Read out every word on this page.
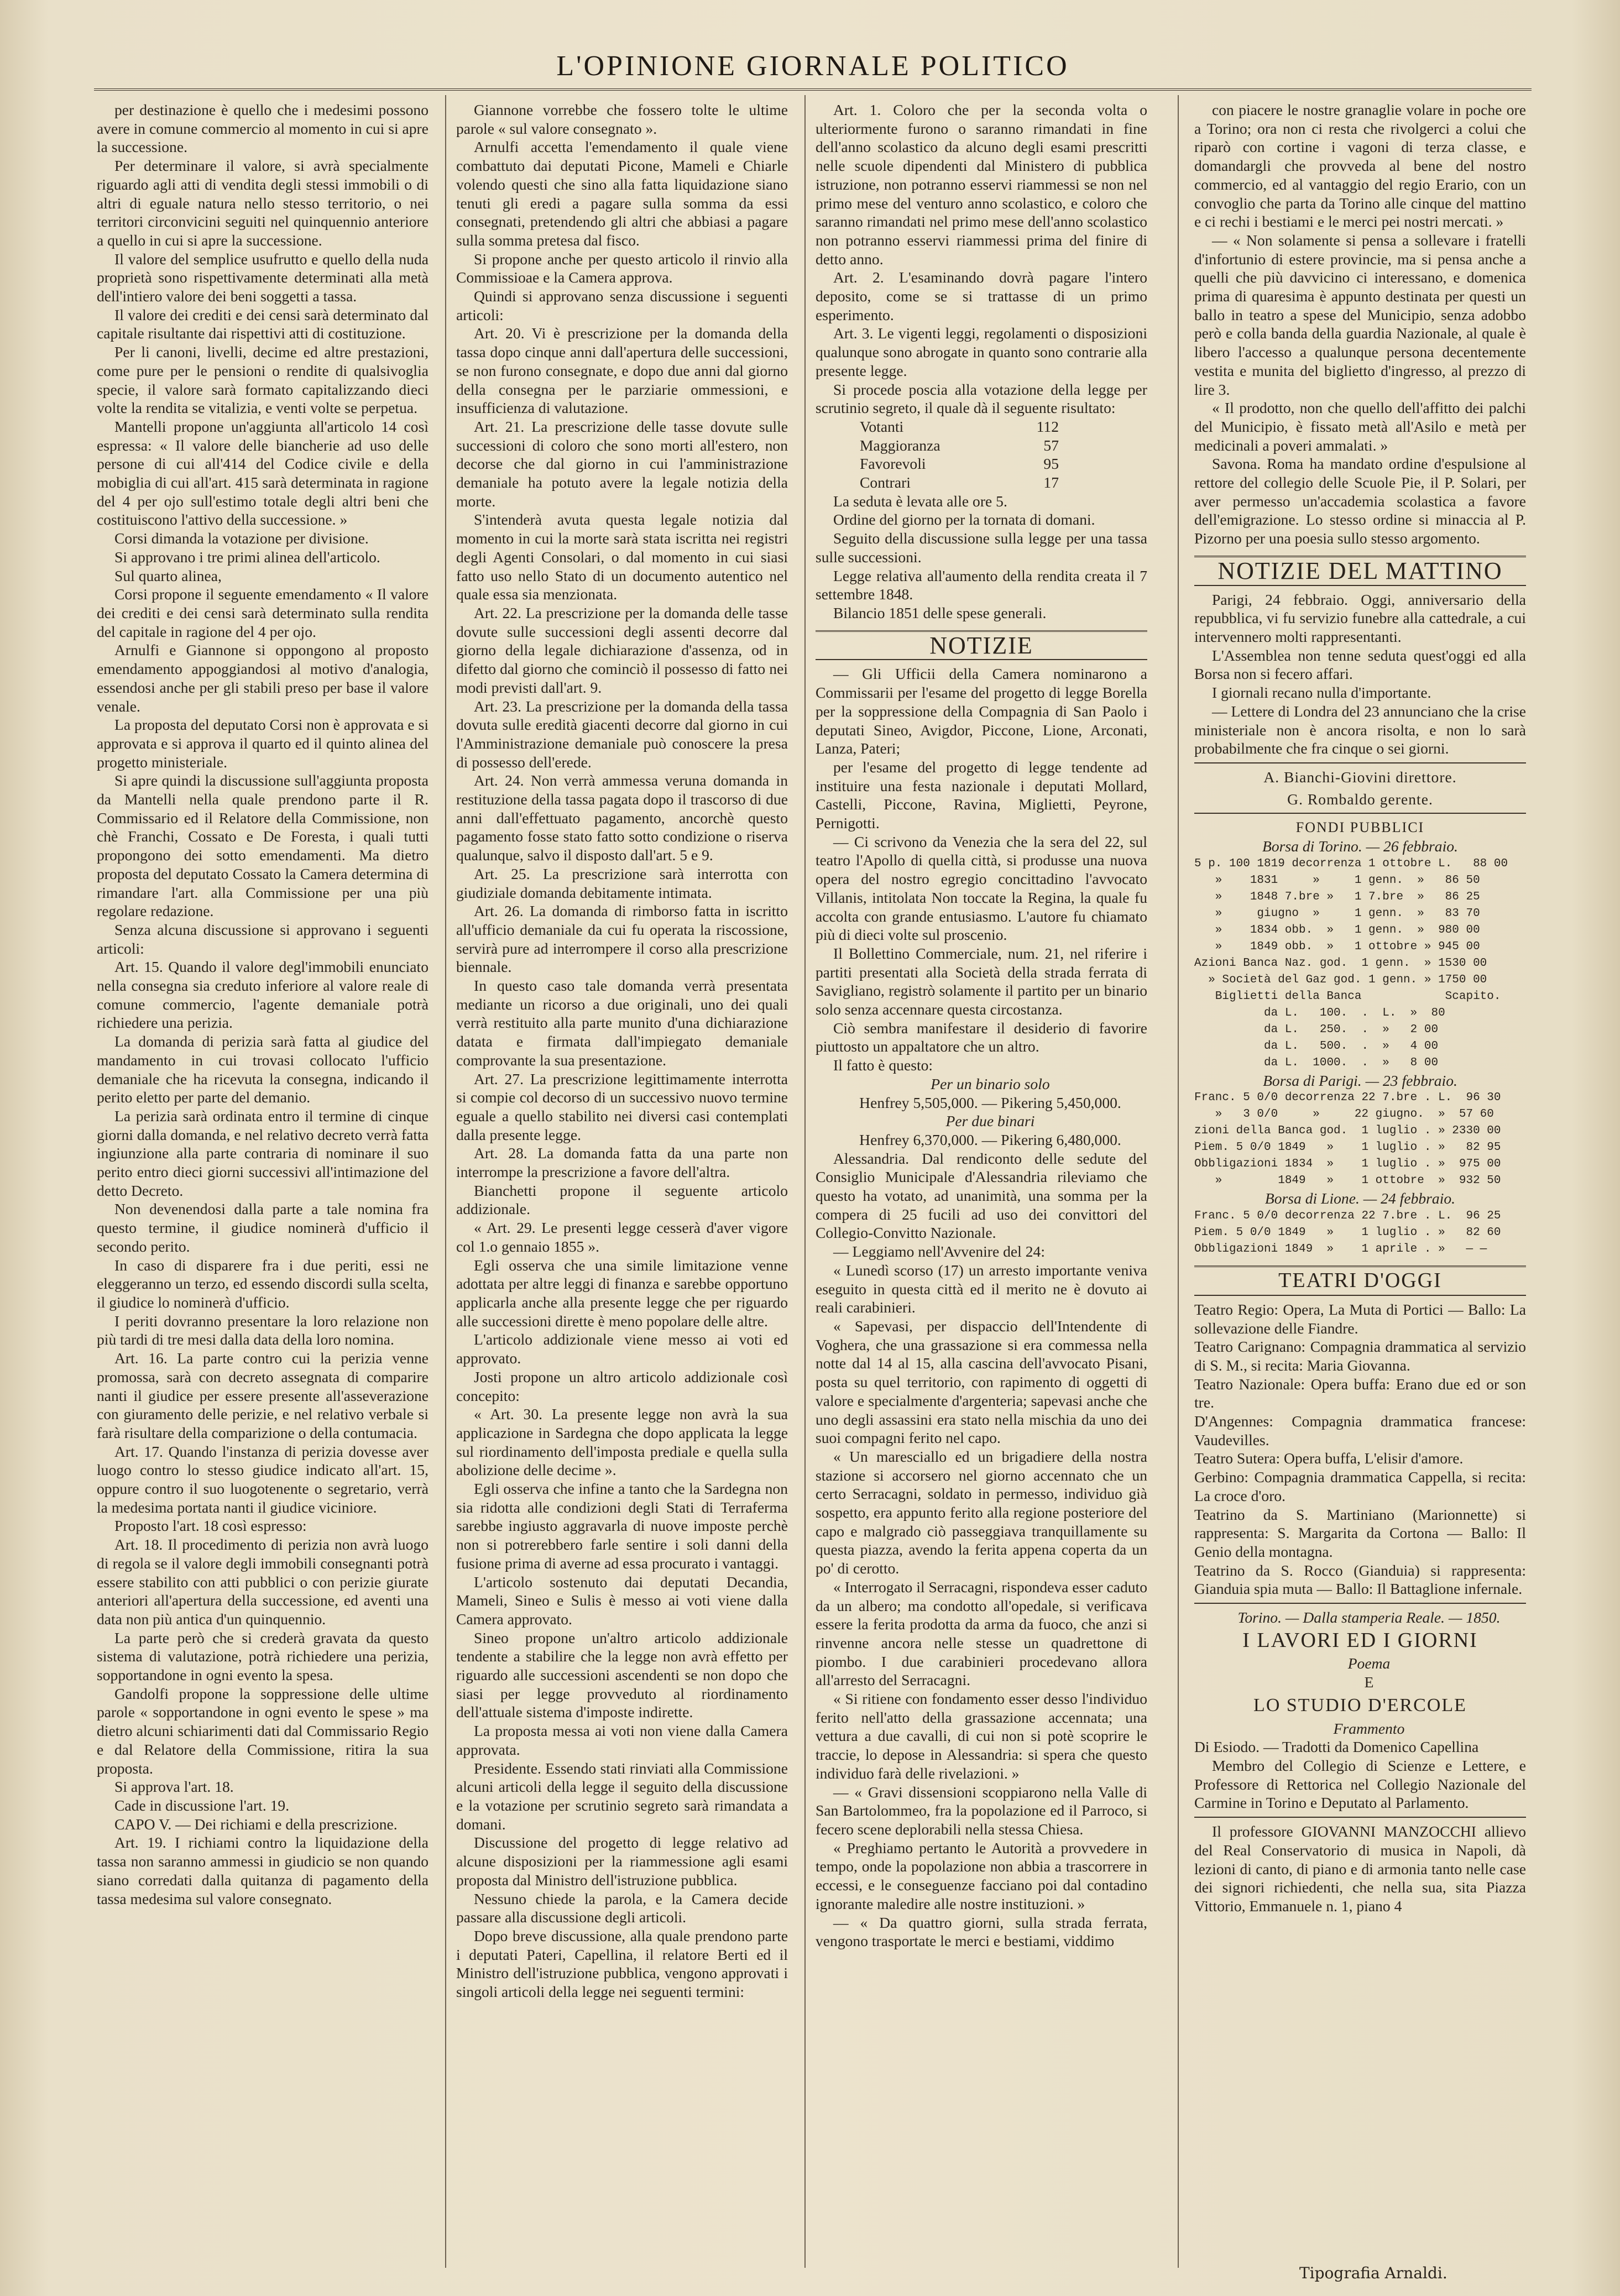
L'OPINIONE GIORNALE POLITICO

per destinazione è quello che i medesimi possono avere in comune commercio al momento in cui si apre la successione.

Per determinare il valore, si avrà specialmente riguardo agli atti di vendita degli stessi immobili o di altri di eguale natura nello stesso territorio, o nei territori circonvicini seguiti nel quinquennio anteriore a quello in cui si apre la successione.

Il valore del semplice usufrutto e quello della nuda proprietà sono rispettivamente determinati alla metà dell'intiero valore dei beni soggetti a tassa.

Il valore dei crediti e dei censi sarà determinato dal capitale risultante dai rispettivi atti di costituzione.

Per li canoni, livelli, decime ed altre prestazioni, come pure per le pensioni o rendite di qualsivoglia specie, il valore sarà formato capitalizzando dieci volte la rendita se vitalizia, e venti volte se perpetua.

Mantelli propone un'aggiunta all'articolo 14 così espressa: « Il valore delle biancherie ad uso delle persone di cui all'414 del Codice civile e della mobiglia di cui all'art. 415 sarà determinata in ragione del 4 per ojo sull'estimo totale degli altri beni che costituiscono l'attivo della successione. »

Corsi dimanda la votazione per divisione.

Si approvano i tre primi alinea dell'articolo.

Sul quarto alinea,

Corsi propone il seguente emendamento « Il valore dei crediti e dei censi sarà determinato sulla rendita del capitale in ragione del 4 per ojo.

Arnulfi e Giannone si oppongono al proposto emendamento appoggiandosi al motivo d'analogia, essendosi anche per gli stabili preso per base il valore venale.

La proposta del deputato Corsi non è approvata e si approvata e si approva il quarto ed il quinto alinea del progetto ministeriale.

Si apre quindi la discussione sull'aggiunta proposta da Mantelli nella quale prendono parte il R. Commissario ed il Relatore della Commissione, non chè Franchi, Cossato e De Foresta, i quali tutti propongono dei sotto emendamenti. Ma dietro proposta del deputato Cossato la Camera determina di rimandare l'art. alla Commissione per una più regolare redazione.

Senza alcuna discussione si approvano i seguenti articoli:

Art. 15. Quando il valore degl'immobili enunciato nella consegna sia creduto inferiore al valore reale di comune commercio, l'agente demaniale potrà richiedere una perizia.

La domanda di perizia sarà fatta al giudice del mandamento in cui trovasi collocato l'ufficio demaniale che ha ricevuta la consegna, indicando il perito eletto per parte del demanio.

La perizia sarà ordinata entro il termine di cinque giorni dalla domanda, e nel relativo decreto verrà fatta ingiunzione alla parte contraria di nominare il suo perito entro dieci giorni successivi all'intimazione del detto Decreto.

Non devenendosi dalla parte a tale nomina fra questo termine, il giudice nominerà d'ufficio il secondo perito.

In caso di disparere fra i due periti, essi ne eleggeranno un terzo, ed essendo discordi sulla scelta, il giudice lo nominerà d'ufficio.

I periti dovranno presentare la loro relazione non più tardi di tre mesi dalla data della loro nomina.

Art. 16. La parte contro cui la perizia venne promossa, sarà con decreto assegnata di comparire nanti il giudice per essere presente all'asseverazione con giuramento delle perizie, e nel relativo verbale si farà risultare della comparizione o della contumacia.

Art. 17. Quando l'instanza di perizia dovesse aver luogo contro lo stesso giudice indicato all'art. 15, oppure contro il suo luogotenente o segretario, verrà la medesima portata nanti il giudice viciniore.

Proposto l'art. 18 così espresso:

Art. 18. Il procedimento di perizia non avrà luogo di regola se il valore degli immobili consegnanti potrà essere stabilito con atti pubblici o con perizie giurate anteriori all'apertura della successione, ed aventi una data non più antica d'un quinquennio.

La parte però che si crederà gravata da questo sistema di valutazione, potrà richiedere una perizia, sopportandone in ogni evento la spesa.

Gandolfi propone la soppressione delle ultime parole « sopportandone in ogni evento le spese » ma dietro alcuni schiarimenti dati dal Commissario Regio e dal Relatore della Commissione, ritira la sua proposta.

Si approva l'art. 18.

Cade in discussione l'art. 19.

CAPO V. — Dei richiami e della prescrizione.

Art. 19. I richiami contro la liquidazione della tassa non saranno ammessi in giudicio se non quando siano corredati dalla quitanza di pagamento della tassa medesima sul valore consegnato.

Giannone vorrebbe che fossero tolte le ultime parole « sul valore consegnato ».

Arnulfi accetta l'emendamento il quale viene combattuto dai deputati Picone, Mameli e Chiarle volendo questi che sino alla fatta liquidazione siano tenuti gli eredi a pagare sulla somma da essi consegnati, pretendendo gli altri che abbiasi a pagare sulla somma pretesa dal fisco.

Si propone anche per questo articolo il rinvio alla Commissioae e la Camera approva.

Quindi si approvano senza discussione i seguenti articoli:

Art. 20. Vi è prescrizione per la domanda della tassa dopo cinque anni dall'apertura delle successioni, se non furono consegnate, e dopo due anni dal giorno della consegna per le parziarie ommessioni, e insufficienza di valutazione.

Art. 21. La prescrizione delle tasse dovute sulle successioni di coloro che sono morti all'estero, non decorse che dal giorno in cui l'amministrazione demaniale ha potuto avere la legale notizia della morte.

S'intenderà avuta questa legale notizia dal momento in cui la morte sarà stata iscritta nei registri degli Agenti Consolari, o dal momento in cui siasi fatto uso nello Stato di un documento autentico nel quale essa sia menzionata.

Art. 22. La prescrizione per la domanda delle tasse dovute sulle successioni degli assenti decorre dal giorno della legale dichiarazione d'assenza, od in difetto dal giorno che cominciò il possesso di fatto nei modi previsti dall'art. 9.

Art. 23. La prescrizione per la domanda della tassa dovuta sulle eredità giacenti decorre dal giorno in cui l'Amministrazione demaniale può conoscere la presa di possesso dell'erede.

Art. 24. Non verrà ammessa veruna domanda in restituzione della tassa pagata dopo il trascorso di due anni dall'effettuato pagamento, ancorchè questo pagamento fosse stato fatto sotto condizione o riserva qualunque, salvo il disposto dall'art. 5 e 9.

Art. 25. La prescrizione sarà interrotta con giudiziale domanda debitamente intimata.

Art. 26. La domanda di rimborso fatta in iscritto all'ufficio demaniale da cui fu operata la riscossione, servirà pure ad interrompere il corso alla prescrizione biennale.

In questo caso tale domanda verrà presentata mediante un ricorso a due originali, uno dei quali verrà restituito alla parte munito d'una dichiarazione datata e firmata dall'impiegato demaniale comprovante la sua presentazione.

Art. 27. La prescrizione legittimamente interrotta si compie col decorso di un successivo nuovo termine eguale a quello stabilito nei diversi casi contemplati dalla presente legge.

Art. 28. La domanda fatta da una parte non interrompe la prescrizione a favore dell'altra.

Bianchetti propone il seguente articolo addizionale.

« Art. 29. Le presenti legge cesserà d'aver vigore col 1.o gennaio 1855 ».

Egli osserva che una simile limitazione venne adottata per altre leggi di finanza e sarebbe opportuno applicarla anche alla presente legge che per riguardo alle successioni dirette è meno popolare delle altre.

L'articolo addizionale viene messo ai voti ed approvato.

Josti propone un altro articolo addizionale così concepito:

« Art. 30. La presente legge non avrà la sua applicazione in Sardegna che dopo applicata la legge sul riordinamento dell'imposta prediale e quella sulla abolizione delle decime ».

Egli osserva che infine a tanto che la Sardegna non sia ridotta alle condizioni degli Stati di Terraferma sarebbe ingiusto aggravarla di nuove imposte perchè non si potrerebbero farle sentire i soli danni della fusione prima di averne ad essa procurato i vantaggi.

L'articolo sostenuto dai deputati Decandia, Mameli, Sineo e Sulis è messo ai voti viene dalla Camera approvato.

Sineo propone un'altro articolo addizionale tendente a stabilire che la legge non avrà effetto per riguardo alle successioni ascendenti se non dopo che siasi per legge provveduto al riordinamento dell'attuale sistema d'imposte indirette.

La proposta messa ai voti non viene dalla Camera approvata.

Presidente. Essendo stati rinviati alla Commissione alcuni articoli della legge il seguito della discussione e la votazione per scrutinio segreto sarà rimandata a domani.

Discussione del progetto di legge relativo ad alcune disposizioni per la riammessione agli esami proposta dal Ministro dell'istruzione pubblica.

Nessuno chiede la parola, e la Camera decide passare alla discussione degli articoli.

Dopo breve discussione, alla quale prendono parte i deputati Pateri, Capellina, il relatore Berti ed il Ministro dell'istruzione pubblica, vengono approvati i singoli articoli della legge nei seguenti termini:

Art. 1. Coloro che per la seconda volta o ulteriormente furono o saranno rimandati in fine dell'anno scolastico da alcuno degli esami prescritti nelle scuole dipendenti dal Ministero di pubblica istruzione, non potranno esservi riammessi se non nel primo mese del venturo anno scolastico, e coloro che saranno rimandati nel primo mese dell'anno scolastico non potranno esservi riammessi prima del finire di detto anno.

Art. 2. L'esaminando dovrà pagare l'intero deposito, come se si trattasse di un primo esperimento.

Art. 3. Le vigenti leggi, regolamenti o disposizioni qualunque sono abrogate in quanto sono contrarie alla presente legge.

Si procede poscia alla votazione della legge per scrutinio segreto, il quale dà il seguente risultato:

Votanti	112
Maggioranza	57
Favorevoli	95
Contrari	17

La seduta è levata alle ore 5.

Ordine del giorno per la tornata di domani.

Seguito della discussione sulla legge per una tassa sulle successioni.

Legge relativa all'aumento della rendita creata il 7 settembre 1848.

Bilancio 1851 delle spese generali.

NOTIZIE

— Gli Ufficii della Camera nominarono a Commissarii per l'esame del progetto di legge Borella per la soppressione della Compagnia di San Paolo i deputati Sineo, Avigdor, Piccone, Lione, Arconati, Lanza, Pateri;

per l'esame del progetto di legge tendente ad instituire una festa nazionale i deputati Mollard, Castelli, Piccone, Ravina, Miglietti, Peyrone, Pernigotti.

— Ci scrivono da Venezia che la sera del 22, sul teatro l'Apollo di quella città, si produsse una nuova opera del nostro egregio concittadino l'avvocato Villanis, intitolata Non toccate la Regina, la quale fu accolta con grande entusiasmo. L'autore fu chiamato più di dieci volte sul proscenio.

Il Bollettino Commerciale, num. 21, nel riferire i partiti presentati alla Società della strada ferrata di Savigliano, registrò solamente il partito per un binario solo senza accennare questa circostanza.

Ciò sembra manifestare il desiderio di favorire piuttosto un appaltatore che un altro.

Il fatto è questo:

Per un binario solo

Henfrey 5,505,000. — Pikering 5,450,000.

Per due binari

Henfrey 6,370,000. — Pikering 6,480,000.

Alessandria. Dal rendiconto delle sedute del Consiglio Municipale d'Alessandria rileviamo che questo ha votato, ad unanimità, una somma per la compera di 25 fucili ad uso dei convittori del Collegio-Convitto Nazionale.

— Leggiamo nell'Avvenire del 24:

« Lunedì scorso (17) un arresto importante veniva eseguito in questa città ed il merito ne è dovuto ai reali carabinieri.

« Sapevasi, per dispaccio dell'Intendente di Voghera, che una grassazione si era commessa nella notte dal 14 al 15, alla cascina dell'avvocato Pisani, posta su quel territorio, con rapimento di oggetti di valore e specialmente d'argenteria; sapevasi anche che uno degli assassini era stato nella mischia da uno dei suoi compagni ferito nel capo.

« Un maresciallo ed un brigadiere della nostra stazione si accorsero nel giorno accennato che un certo Serracagni, soldato in permesso, individuo già sospetto, era appunto ferito alla regione posteriore del capo e malgrado ciò passeggiava tranquillamente su questa piazza, avendo la ferita appena coperta da un po' di cerotto.

« Interrogato il Serracagni, rispondeva esser caduto da un albero; ma condotto all'opedale, si verificava essere la ferita prodotta da arma da fuoco, che anzi si rinvenne ancora nelle stesse un quadrettone di piombo. I due carabinieri procedevano allora all'arresto del Serracagni.

« Si ritiene con fondamento esser desso l'individuo ferito nell'atto della grassazione accennata; una vettura a due cavalli, di cui non si potè scoprire le traccie, lo depose in Alessandria: si spera che questo individuo farà delle rivelazioni. »

— « Gravi dissensioni scoppiarono nella Valle di San Bartolommeo, fra la popolazione ed il Parroco, si fecero scene deplorabili nella stessa Chiesa.

« Preghiamo pertanto le Autorità a provvedere in tempo, onde la popolazione non abbia a trascorrere in eccessi, e le conseguenze facciano poi dal contadino ignorante maledire alle nostre instituzioni. »

— « Da quattro giorni, sulla strada ferrata, vengono trasportate le merci e bestiami, viddimo

con piacere le nostre granaglie volare in poche ore a Torino; ora non ci resta che rivolgerci a colui che riparò con cortine i vagoni di terza classe, e domandargli che provveda al bene del nostro commercio, ed al vantaggio del regio Erario, con un convoglio che parta da Torino alle cinque del mattino e ci rechi i bestiami e le merci pei nostri mercati. »

— « Non solamente si pensa a sollevare i fratelli d'infortunio di estere provincie, ma si pensa anche a quelli che più davvicino ci interessano, e domenica prima di quaresima è appunto destinata per questi un ballo in teatro a spese del Municipio, senza adobbo però e colla banda della guardia Nazionale, al quale è libero l'accesso a qualunque persona decentemente vestita e munita del biglietto d'ingresso, al prezzo di lire 3.

« Il prodotto, non che quello dell'affitto dei palchi del Municipio, è fissato metà all'Asilo e metà per medicinali a poveri ammalati. »

Savona. Roma ha mandato ordine d'espulsione al rettore del collegio delle Scuole Pie, il P. Solari, per aver permesso un'accademia scolastica a favore dell'emigrazione. Lo stesso ordine si minaccia al P. Pizorno per una poesia sullo stesso argomento.

NOTIZIE DEL MATTINO

Parigi, 24 febbraio. Oggi, anniversario della repubblica, vi fu servizio funebre alla cattedrale, a cui intervennero molti rappresentanti.

L'Assemblea non tenne seduta quest'oggi ed alla Borsa non si fecero affari.

I giornali recano nulla d'importante.

— Lettere di Londra del 23 annunciano che la crise ministeriale non è ancora risolta, e non lo sarà probabilmente che fra cinque o sei giorni.

A. Bianchi-Giovini direttore.
G. Rombaldo gerente.
FONDI PUBBLICI
Borsa di Torino. — 26 febbraio.
5 p. 100 1819 decorrenza 1 ottobre L.   88 00
»    1831     »     1 genn.  »   86 50
»    1848 7.bre »   1 7.bre  »   86 25
»     giugno  »     1 genn.  »   83 70
»    1834 obb.  »   1 genn.  »  980 00
»    1849 obb.  »   1 ottobre » 945 00
Azioni Banca Naz. god.  1 genn.  » 1530 00
» Società del Gaz god. 1 genn. » 1750 00
Biglietti della Banca            Scapito.
da L.   100.  .  L.  »  80
da L.   250.  .  »   2 00
da L.   500.  .  »   4 00
da L.  1000.  .  »   8 00
Borsa di Parigi. — 23 febbraio.
Franc. 5 0/0 decorrenza 22 7.bre . L.  96 30
»   3 0/0     »     22 giugno.  »  57 60
zioni della Banca god.  1 luglio . » 2330 00
Piem. 5 0/0 1849   »    1 luglio . »   82 95
Obbligazioni 1834  »    1 luglio . »  975 00
»        1849   »    1 ottobre  »  932 50
Borsa di Lione. — 24 febbraio.
Franc. 5 0/0 decorrenza 22 7.bre . L.  96 25
Piem. 5 0/0 1849   »    1 luglio . »   82 60
Obbligazioni 1849  »    1 aprile . »   — —
TEATRI D'OGGI

Teatro Regio: Opera, La Muta di Portici — Ballo: La sollevazione delle Fiandre.

Teatro Carignano: Compagnia drammatica al servizio di S. M., si recita: Maria Giovanna.

Teatro Nazionale: Opera buffa: Erano due ed or son tre.

D'Angennes: Compagnia drammatica francese: Vaudevilles.

Teatro Sutera: Opera buffa, L'elisir d'amore.

Gerbino: Compagnia drammatica Cappella, si recita: La croce d'oro.

Teatrino da S. Martiniano (Marionnette) si rappresenta: S. Margarita da Cortona — Ballo: Il Genio della montagna.

Teatrino da S. Rocco (Gianduia) si rappresenta: Gianduia spia muta — Ballo: Il Battaglione infernale.

Torino. — Dalla stamperia Reale. — 1850.

I LAVORI ED I GIORNI

Poema

E

LO STUDIO D'ERCOLE

Frammento

Di Esiodo. — Tradotti da Domenico Capellina

Membro del Collegio di Scienze e Lettere, e Professore di Rettorica nel Collegio Nazionale del Carmine in Torino e Deputato al Parlamento.

Il professore GIOVANNI MANZOCCHI allievo del Real Conservatorio di musica in Napoli, dà lezioni di canto, di piano e di armonia tanto nelle case dei signori richiedenti, che nella sua, sita Piazza Vittorio, Emmanuele n. 1, piano 4

Tipografia Arnaldi.
